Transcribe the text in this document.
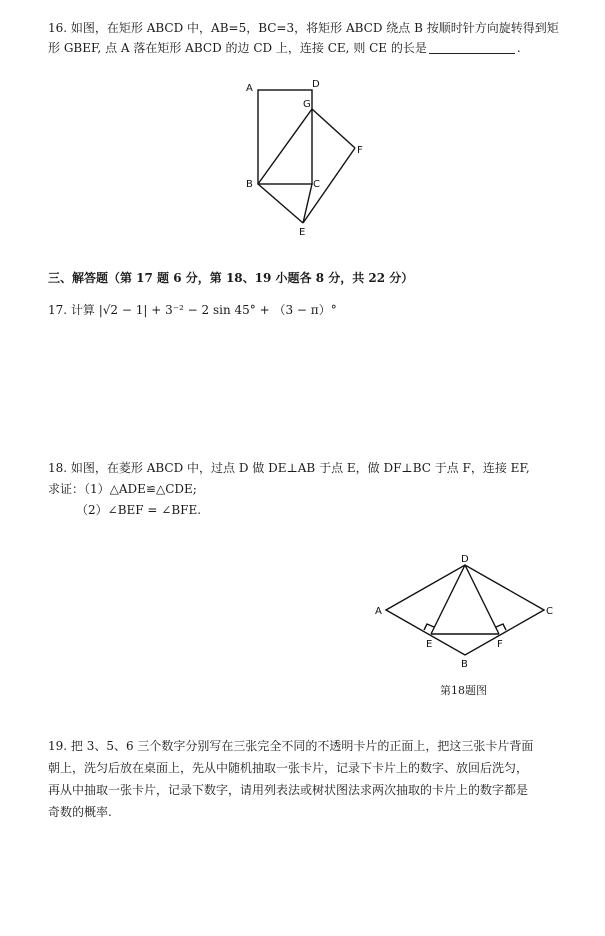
16. 如图，在矩形 ABCD 中，AB=5，BC=3，将矩形 ABCD 绕点 B 按顺时针方向旋转得到矩
形 GBEF, 点 A 落在矩形 ABCD 的边 CD 上，连接 CE, 则 CE 的长是	.
A	D
G
F
B	C
E
三、解答题（第 17 题 6 分，第 18、19 小题各 8 分，共 22 分）
17. 计算 |√2 − 1| + 3⁻² − 2 sin 45° + （3 − π）°
18. 如图，在菱形 ABCD 中，过点 D 做 DE⊥AB 于点 E，做 DF⊥BC 于点 F，连接 EF,
求证：（1）△ADE≌△CDE;
（2）∠BEF = ∠BFE.
A
D
C
E	F
B
第18题图
19. 把 3、5、6 三个数字分别写在三张完全不同的不透明卡片的正面上，把这三张卡片背面
朝上，洗匀后放在桌面上，先从中随机抽取一张卡片，记录下卡片上的数字、放回后洗匀，
再从中抽取一张卡片，记录下数字，请用列表法或树状图法求两次抽取的卡片上的数字都是
奇数的概率.
